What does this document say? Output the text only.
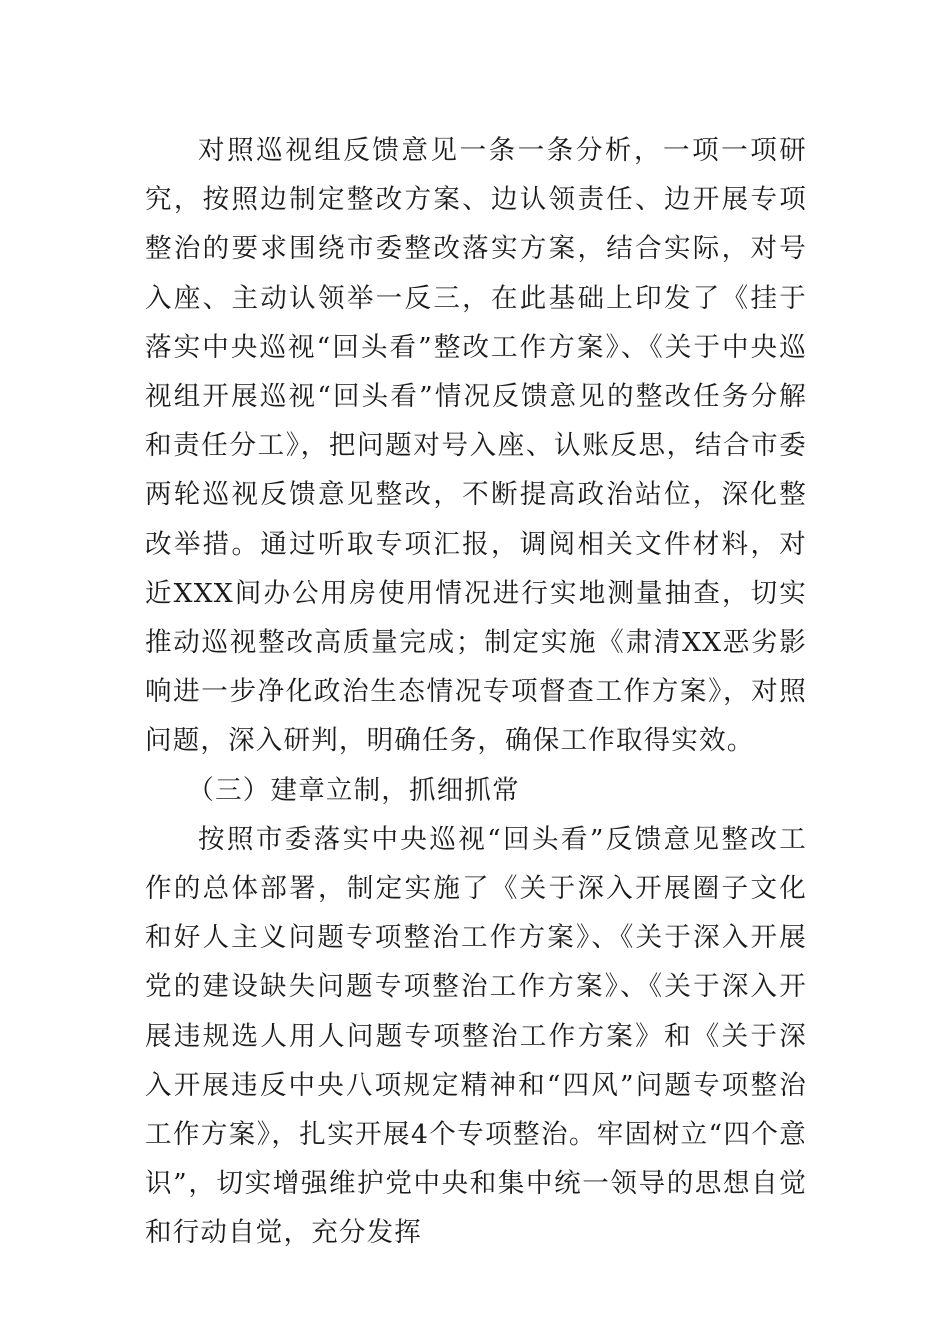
对照巡视组反馈意见一条一条分析，一项一项研究，按照边制定整改方案、边认领责任、边开展专项整治的要求围绕市委整改落实方案，结合实际，对号入座、主动认领举一反三，在此基础上印发了《挂于落实中央巡视“回头看”整改工作方案》、《关于中央巡视组开展巡视“回头看”情况反馈意见的整改任务分解和责任分工》，把问题对号入座、认账反思，结合市委两轮巡视反馈意见整改，不断提高政治站位，深化整改举措。通过听取专项汇报，调阅相关文件材料，对近XXX间办公用房使用情况进行实地测量抽查，切实推动巡视整改高质量完成；制定实施《肃清XX恶劣影响进一步净化政治生态情况专项督查工作方案》，对照问题，深入研判，明确任务，确保工作取得实效。

（三）建章立制，抓细抓常

按照市委落实中央巡视“回头看”反馈意见整改工作的总体部署，制定实施了《关于深入开展圈子文化和好人主义问题专项整治工作方案》、《关于深入开展党的建设缺失问题专项整治工作方案》、《关于深入开展违规选人用人问题专项整治工作方案》和《关于深入开展违反中央八项规定精神和“四风”问题专项整治工作方案》，扎实开展4个专项整治。牢固树立“四个意识”，切实增强维护党中央和集中统一领导的思想自觉和行动自觉，充分发挥
